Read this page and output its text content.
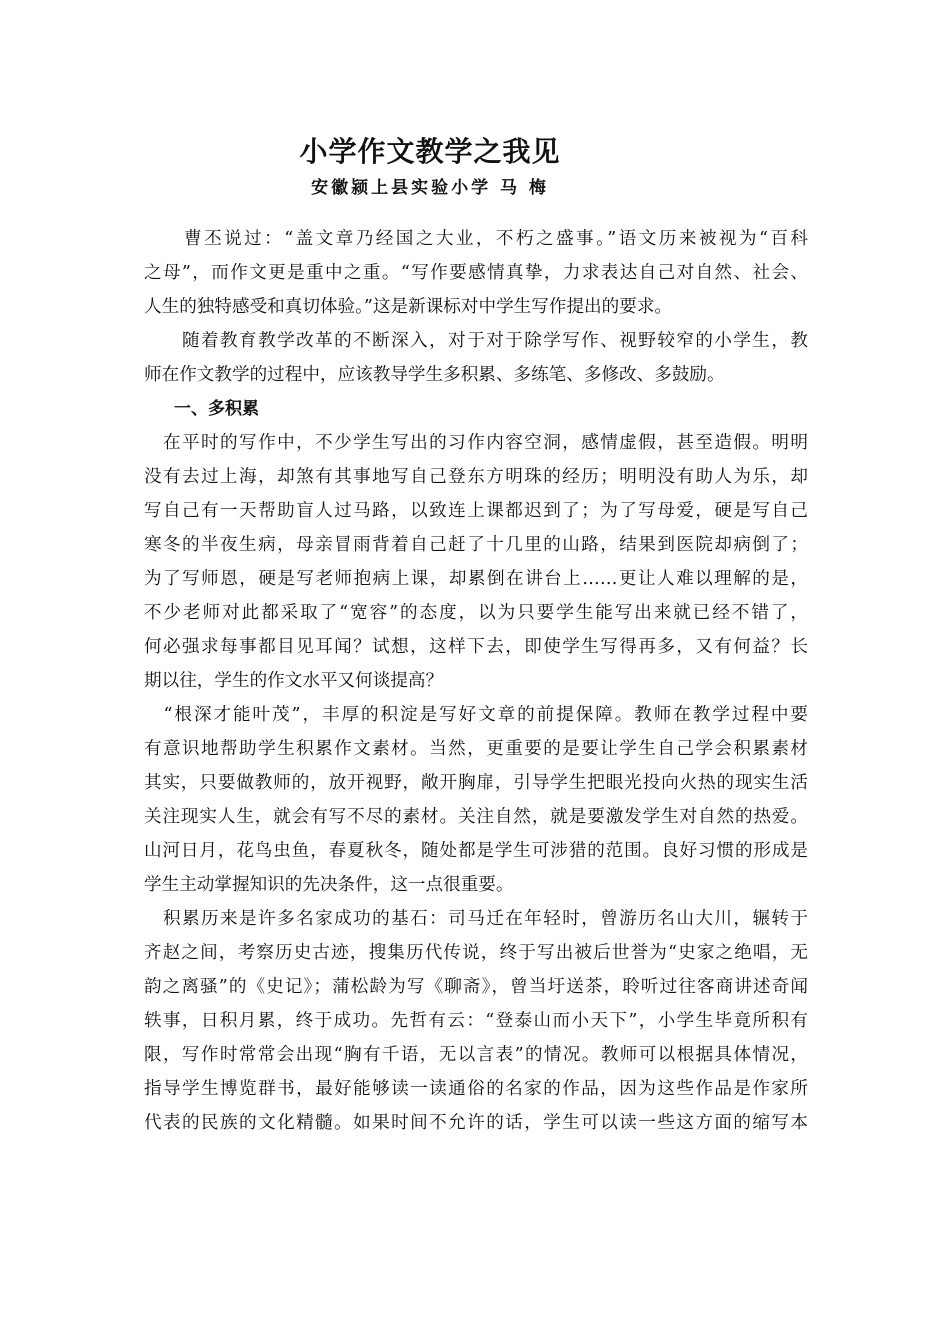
小学作文教学之我见
安徽颍上县实验小学 马 梅
　　曹丕说过：“盖文章乃经国之大业，不朽之盛事。”语文历来被视为“百科
之母”，而作文更是重中之重。“写作要感情真挚，力求表达自己对自然、社会、
人生的独特感受和真切体验。”这是新课标对中学生写作提出的要求。
　　随着教育教学改革的不断深入，对于对于除学写作、视野较窄的小学生，教
师在作文教学的过程中，应该教导学生多积累、多练笔、多修改、多鼓励。
一、多积累
　在平时的写作中，不少学生写出的习作内容空洞，感情虚假，甚至造假。明明
没有去过上海，却煞有其事地写自己登东方明珠的经历；明明没有助人为乐，却
写自己有一天帮助盲人过马路，以致连上课都迟到了；为了写母爱，硬是写自己
寒冬的半夜生病，母亲冒雨背着自己赶了十几里的山路，结果到医院却病倒了；
为了写师恩，硬是写老师抱病上课，却累倒在讲台上……更让人难以理解的是，
不少老师对此都采取了“宽容”的态度，以为只要学生能写出来就已经不错了，
何必强求每事都目见耳闻？试想，这样下去，即使学生写得再多，又有何益？长
期以往，学生的作文水平又何谈提高？
　“根深才能叶茂”，丰厚的积淀是写好文章的前提保障。教师在教学过程中要
有意识地帮助学生积累作文素材。当然，更重要的是要让学生自己学会积累素材
其实，只要做教师的，放开视野，敞开胸扉，引导学生把眼光投向火热的现实生活
关注现实人生，就会有写不尽的素材。关注自然，就是要激发学生对自然的热爱。
山河日月，花鸟虫鱼，春夏秋冬，随处都是学生可涉猎的范围。良好习惯的形成是
学生主动掌握知识的先决条件，这一点很重要。
　积累历来是许多名家成功的基石：司马迁在年轻时，曾游历名山大川，辗转于
齐赵之间，考察历史古迹，搜集历代传说，终于写出被后世誉为“史家之绝唱，无
韵之离骚”的《史记》；蒲松龄为写《聊斋》，曾当圩送茶，聆听过往客商讲述奇闻
轶事，日积月累，终于成功。先哲有云：“登泰山而小天下”，小学生毕竟所积有
限，写作时常常会出现“胸有千语，无以言表”的情况。教师可以根据具体情况，
指导学生博览群书，最好能够读一读通俗的名家的作品，因为这些作品是作家所
代表的民族的文化精髓。如果时间不允许的话，学生可以读一些这方面的缩写本
